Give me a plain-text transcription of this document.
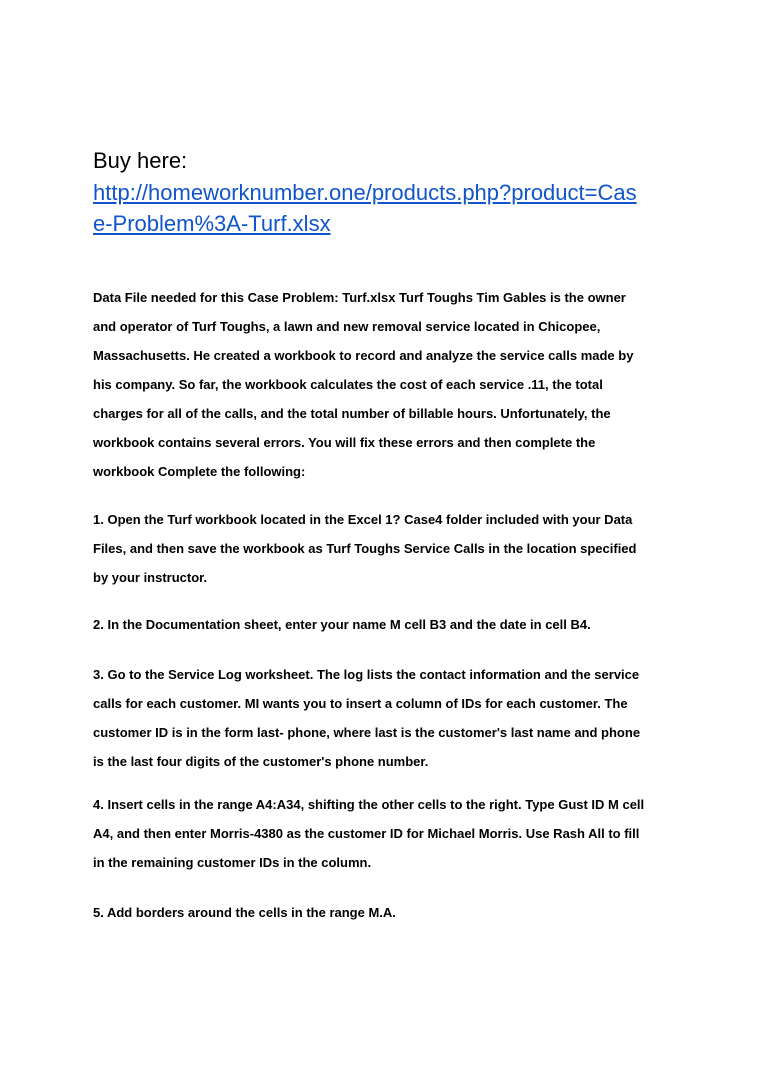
Buy here:
http://homeworknumber.one/products.php?product=Cas
e-Problem%3A-Turf.xlsx

Data File needed for this Case Problem: Turf.xlsx Turf Toughs Tim Gables is the owner
and operator of Turf Toughs, a lawn and new removal service located in Chicopee,
Massachusetts. He created a workbook to record and analyze the service calls made by
his company. So far, the workbook calculates the cost of each service .11, the total
charges for all of the calls, and the total number of billable hours. Unfortunately, the
workbook contains several errors. You will fix these errors and then complete the
workbook Complete the following:

1. Open the Turf workbook located in the Excel 1? Case4 folder included with your Data
Files, and then save the workbook as Turf Toughs Service Calls in the location specified
by your instructor.

2. In the Documentation sheet, enter your name M cell B3 and the date in cell B4.

3. Go to the Service Log worksheet. The log lists the contact information and the service
calls for each customer. MI wants you to insert a column of IDs for each customer. The
customer ID is in the form last- phone, where last is the customer's last name and phone
is the last four digits of the customer's phone number.

4. Insert cells in the range A4:A34, shifting the other cells to the right. Type Gust ID M cell
A4, and then enter Morris-4380 as the customer ID for Michael Morris. Use Rash All to fill
in the remaining customer IDs in the column.

5. Add borders around the cells in the range M.A.
